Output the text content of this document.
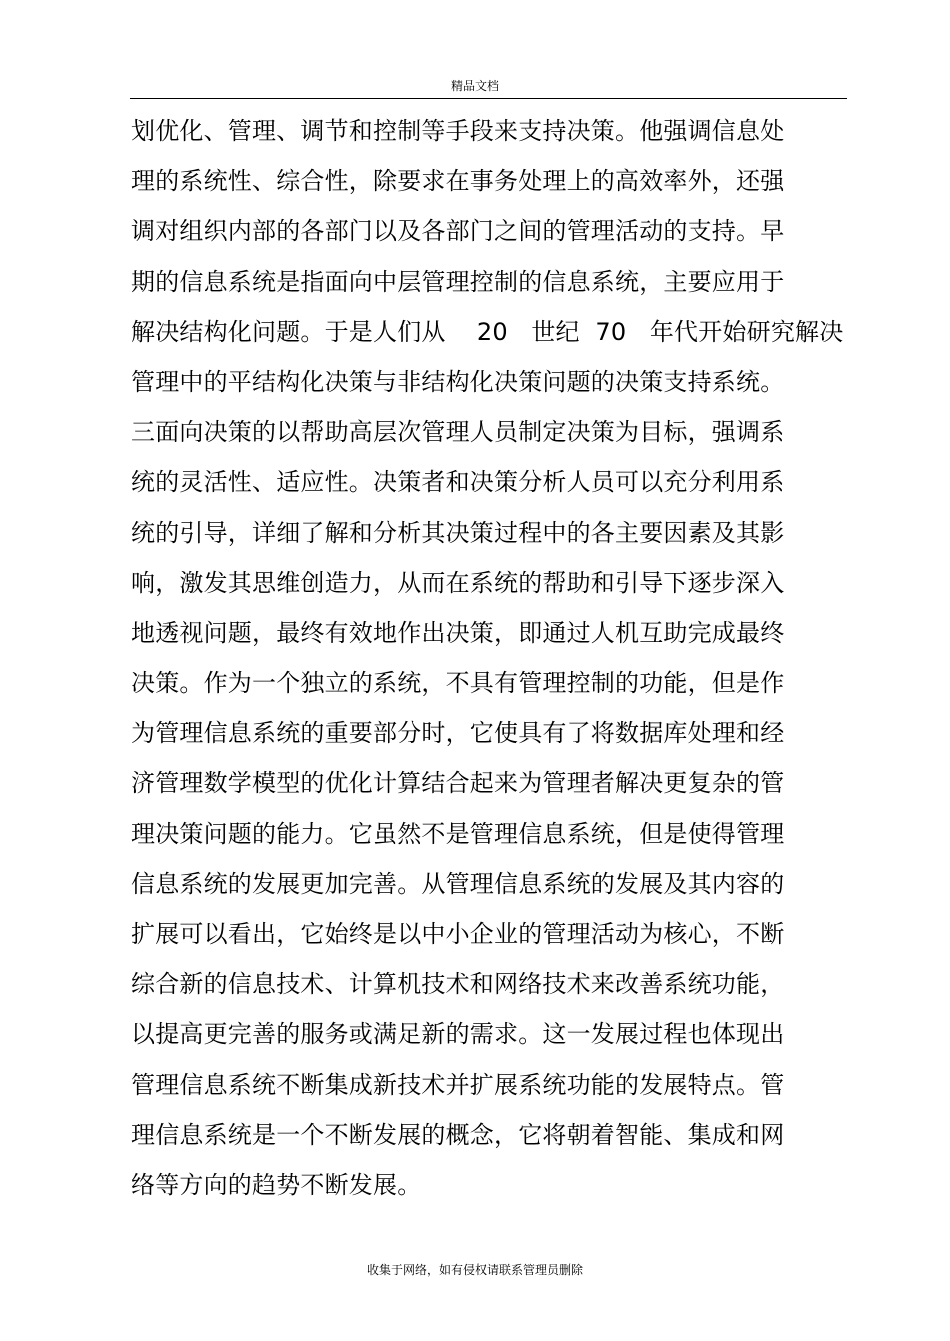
精品文档
划优化、管理、调节和控制等手段来支持决策。他强调信息处
理的系统性、综合性，除要求在事务处理上的高效率外，还强
调对组织内部的各部门以及各部门之间的管理活动的支持。早
期的信息系统是指面向中层管理控制的信息系统，主要应用于
解决结构化问题。于是人们从    20   世纪  70   年代开始研究解决
管理中的平结构化决策与非结构化决策问题的决策支持系统。
三面向决策的以帮助高层次管理人员制定决策为目标，强调系
统的灵活性、适应性。决策者和决策分析人员可以充分利用系
统的引导，详细了解和分析其决策过程中的各主要因素及其影
响，激发其思维创造力，从而在系统的帮助和引导下逐步深入
地透视问题，最终有效地作出决策，即通过人机互助完成最终
决策。作为一个独立的系统，不具有管理控制的功能，但是作
为管理信息系统的重要部分时，它使具有了将数据库处理和经
济管理数学模型的优化计算结合起来为管理者解决更复杂的管
理决策问题的能力。它虽然不是管理信息系统，但是使得管理
信息系统的发展更加完善。从管理信息系统的发展及其内容的
扩展可以看出，它始终是以中小企业的管理活动为核心，不断
综合新的信息技术、计算机技术和网络技术来改善系统功能，
以提高更完善的服务或满足新的需求。这一发展过程也体现出
管理信息系统不断集成新技术并扩展系统功能的发展特点。管
理信息系统是一个不断发展的概念，它将朝着智能、集成和网
络等方向的趋势不断发展。
收集于网络，如有侵权请联系管理员删除
